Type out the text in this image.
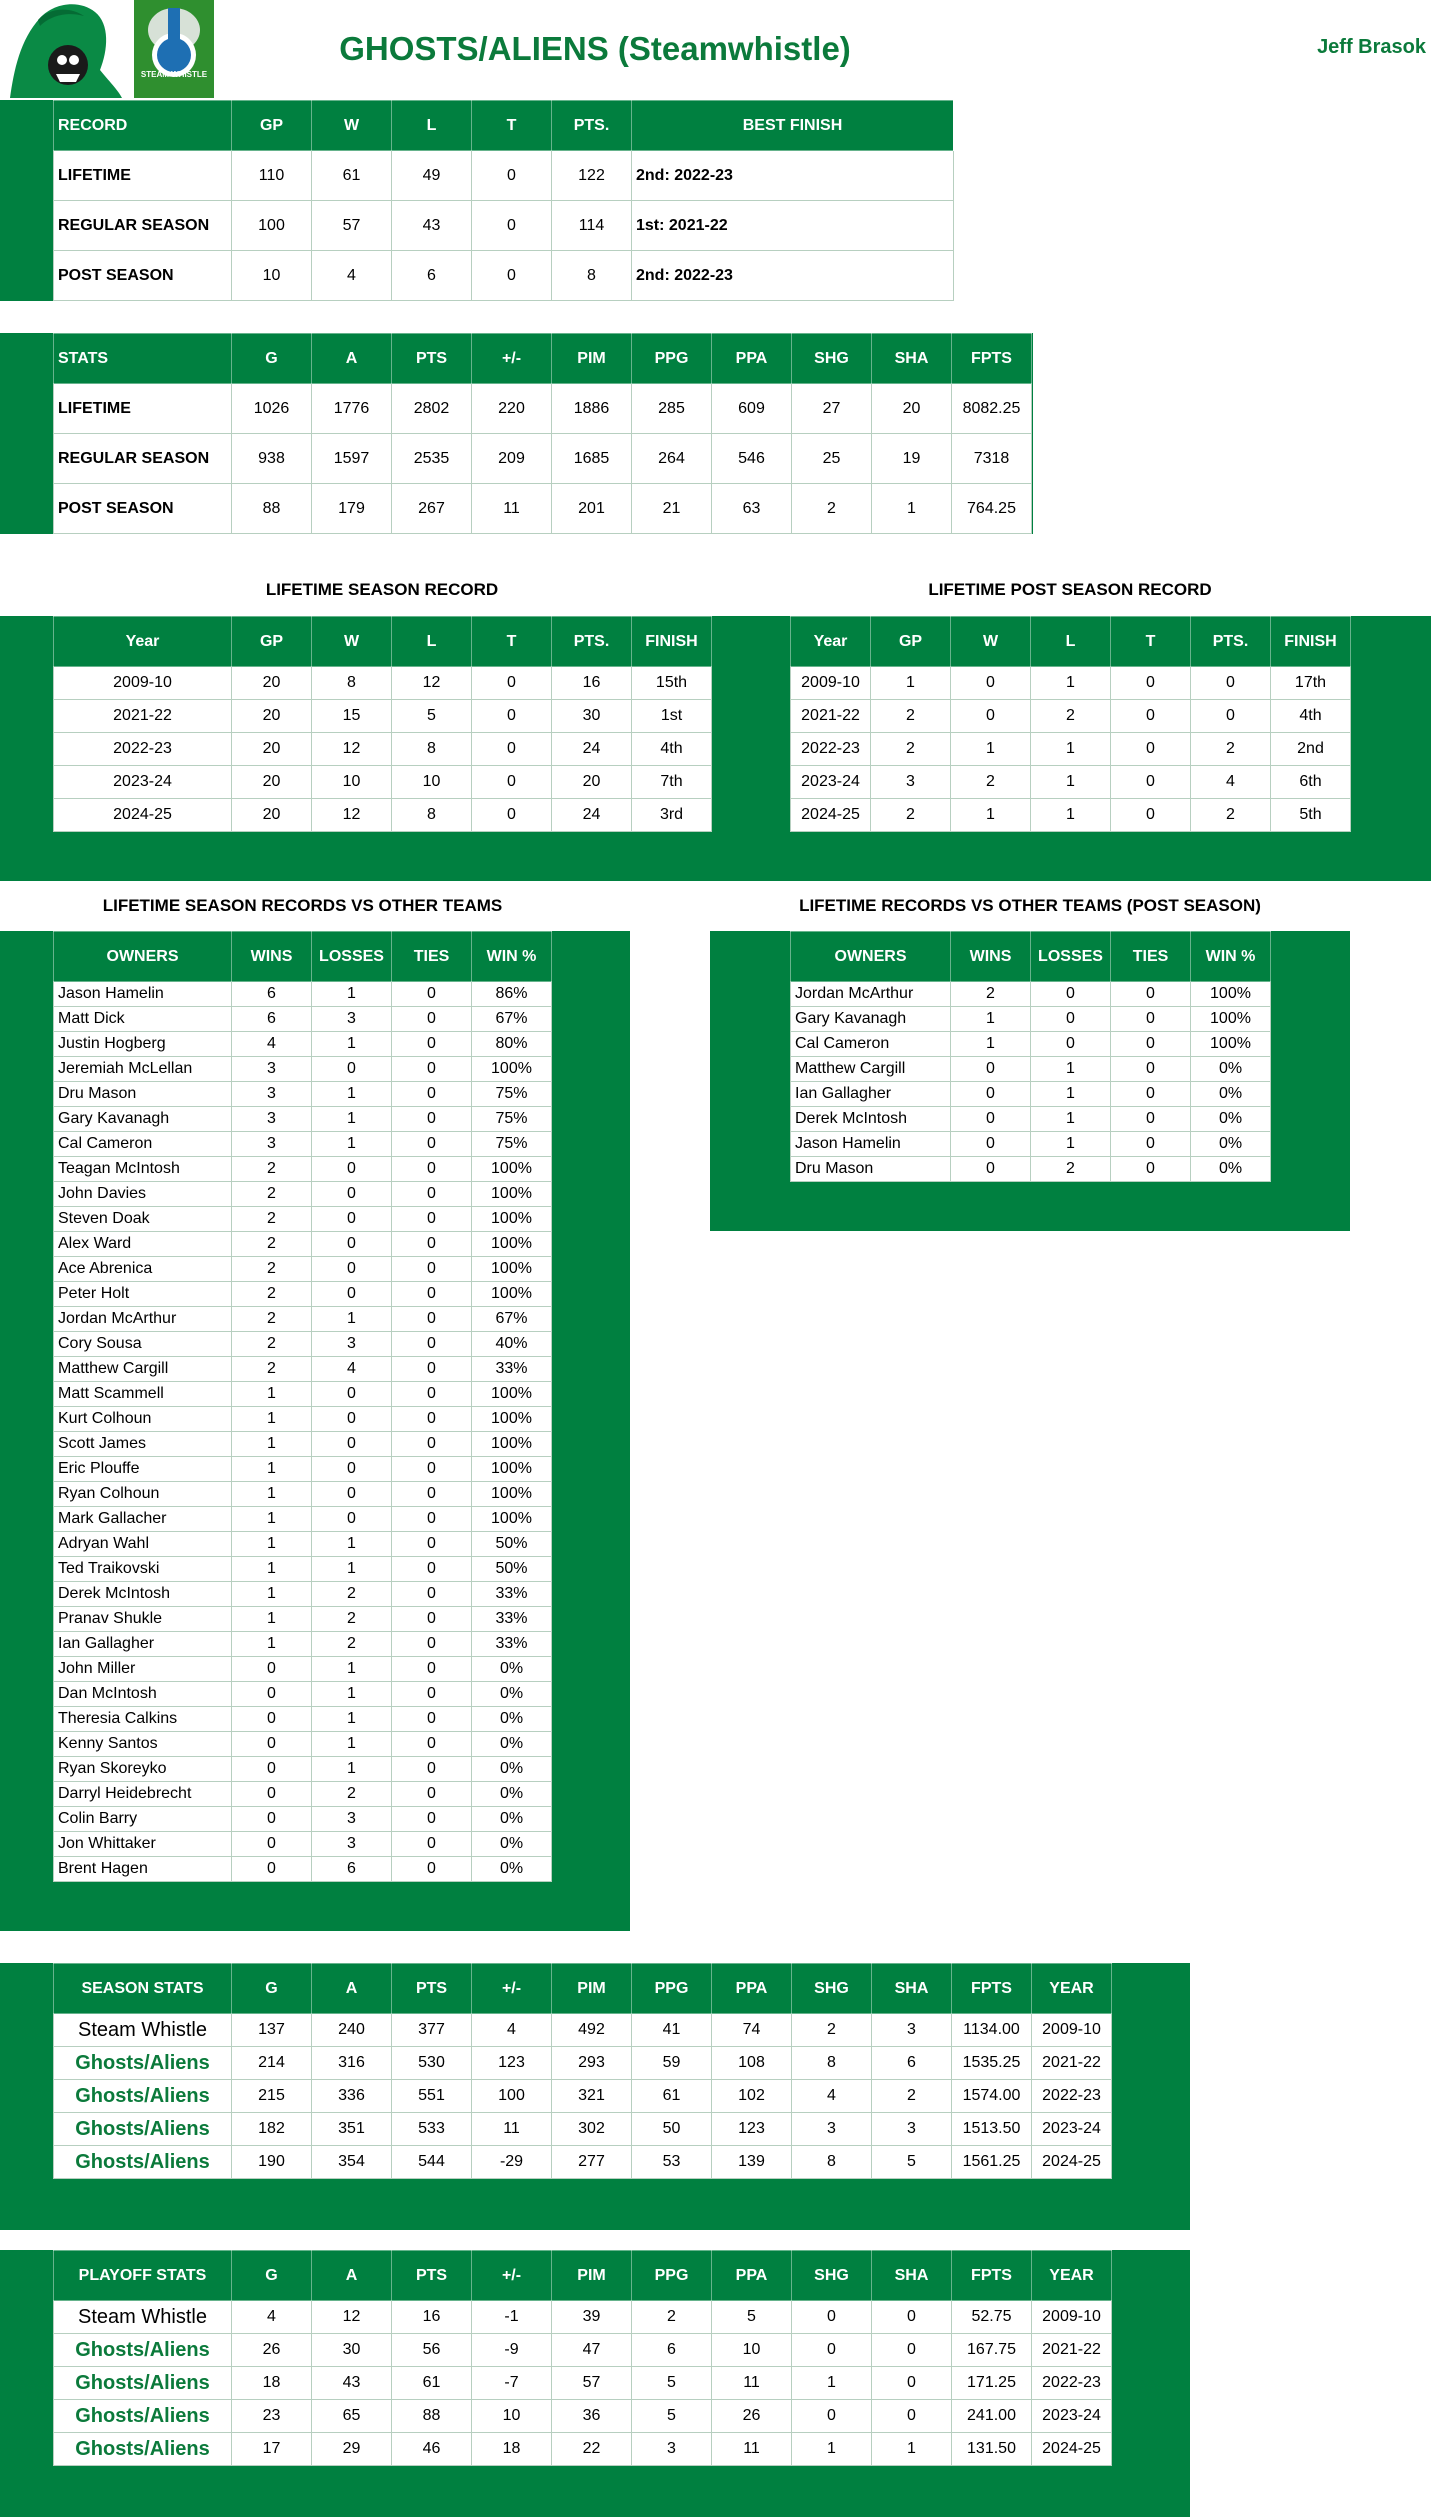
STEAM WHISTLE
GHOSTS/ALIENS (Steamwhistle)	Jeff Brasok
RECORD	GP	W	L	T	PTS.	BEST FINISH
LIFETIME	110	61	49	0	122	2nd: 2022-23
REGULAR SEASON	100	57	43	0	114	1st: 2021-22
POST SEASON	10	4	6	0	8	2nd: 2022-23
STATS	G	A	PTS	+/-	PIM	PPG	PPA	SHG	SHA	FPTS
LIFETIME	1026	1776	2802	220	1886	285	609	27	20	8082.25
REGULAR SEASON	938	1597	2535	209	1685	264	546	25	19	7318
POST SEASON	88	179	267	11	201	21	63	2	1	764.25
LIFETIME SEASON RECORD	LIFETIME POST SEASON RECORD
Year	GP	W	L	T	PTS.	FINISH
2009-10	20	8	12	0	16	15th
2021-22	20	15	5	0	30	1st
2022-23	20	12	8	0	24	4th
2023-24	20	10	10	0	20	7th
2024-25	20	12	8	0	24	3rd
Year	GP	W	L	T	PTS.	FINISH
2009-10	1	0	1	0	0	17th
2021-22	2	0	2	0	0	4th
2022-23	2	1	1	0	2	2nd
2023-24	3	2	1	0	4	6th
2024-25	2	1	1	0	2	5th
LIFETIME SEASON RECORDS VS OTHER TEAMS	LIFETIME RECORDS VS OTHER TEAMS (POST SEASON)
OWNERS	WINS	LOSSES	TIES	WIN %
Jason Hamelin	6	1	0	86%
Matt Dick	6	3	0	67%
Justin Hogberg	4	1	0	80%
Jeremiah McLellan	3	0	0	100%
Dru Mason	3	1	0	75%
Gary Kavanagh	3	1	0	75%
Cal Cameron	3	1	0	75%
Teagan McIntosh	2	0	0	100%
John Davies	2	0	0	100%
Steven Doak	2	0	0	100%
Alex Ward	2	0	0	100%
Ace Abrenica	2	0	0	100%
Peter Holt	2	0	0	100%
Jordan McArthur	2	1	0	67%
Cory Sousa	2	3	0	40%
Matthew Cargill	2	4	0	33%
Matt Scammell	1	0	0	100%
Kurt Colhoun	1	0	0	100%
Scott James	1	0	0	100%
Eric Plouffe	1	0	0	100%
Ryan Colhoun	1	0	0	100%
Mark Gallacher	1	0	0	100%
Adryan Wahl	1	1	0	50%
Ted Traikovski	1	1	0	50%
Derek McIntosh	1	2	0	33%
Pranav Shukle	1	2	0	33%
Ian Gallagher	1	2	0	33%
John Miller	0	1	0	0%
Dan McIntosh	0	1	0	0%
Theresia Calkins	0	1	0	0%
Kenny Santos	0	1	0	0%
Ryan Skoreyko	0	1	0	0%
Darryl Heidebrecht	0	2	0	0%
Colin Barry	0	3	0	0%
Jon Whittaker	0	3	0	0%
Brent Hagen	0	6	0	0%
OWNERS	WINS	LOSSES	TIES	WIN %
Jordan McArthur	2	0	0	100%
Gary Kavanagh	1	0	0	100%
Cal Cameron	1	0	0	100%
Matthew Cargill	0	1	0	0%
Ian Gallagher	0	1	0	0%
Derek McIntosh	0	1	0	0%
Jason Hamelin	0	1	0	0%
Dru Mason	0	2	0	0%
SEASON STATS	G	A	PTS	+/-	PIM	PPG	PPA	SHG	SHA	FPTS	YEAR
Steam Whistle	137	240	377	4	492	41	74	2	3	1134.00	2009-10
Ghosts/Aliens	214	316	530	123	293	59	108	8	6	1535.25	2021-22
Ghosts/Aliens	215	336	551	100	321	61	102	4	2	1574.00	2022-23
Ghosts/Aliens	182	351	533	11	302	50	123	3	3	1513.50	2023-24
Ghosts/Aliens	190	354	544	-29	277	53	139	8	5	1561.25	2024-25
PLAYOFF STATS	G	A	PTS	+/-	PIM	PPG	PPA	SHG	SHA	FPTS	YEAR
Steam Whistle	4	12	16	-1	39	2	5	0	0	52.75	2009-10
Ghosts/Aliens	26	30	56	-9	47	6	10	0	0	167.75	2021-22
Ghosts/Aliens	18	43	61	-7	57	5	11	1	0	171.25	2022-23
Ghosts/Aliens	23	65	88	10	36	5	26	0	0	241.00	2023-24
Ghosts/Aliens	17	29	46	18	22	3	11	1	1	131.50	2024-25
